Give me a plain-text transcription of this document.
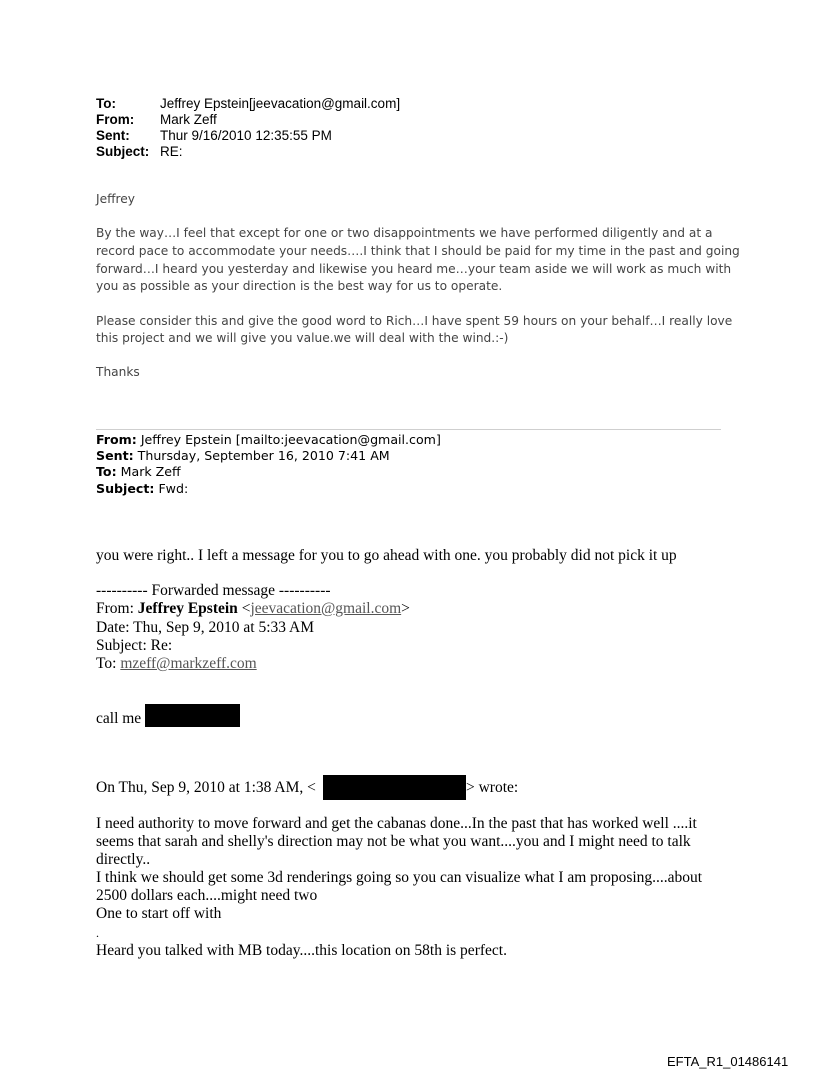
To:	Jeffrey Epstein[jeevacation@gmail.com]
From: Mark Zeff
Sent: Thur 9/16/2010 12:35:55 PM
Subject: RE:

Jeffrey

By the way…I feel that except for one or two disappointments we have performed diligently and at a

record pace to accommodate your needs….I think that I should be paid for my time in the past and going

forward…I heard you yesterday and likewise you heard me…your team aside we will work as much with

you as possible as your direction is the best way for us to operate.

Please consider this and give the good word to Rich…I have spent 59 hours on your behalf…I really love

this project and we will give you value.we will deal with the wind.:-)

Thanks

From: Jeffrey Epstein [mailto:jeevacation@gmail.com]
Sent: Thursday, September 16, 2010 7:41 AM
To: Mark Zeff
Subject: Fwd:
you were right.. I left a message for you to go ahead with one. you probably did not pick it up
---------- Forwarded message ----------
From: Jeffrey Epstein <jeevacation@gmail.com>
Date: Thu, Sep 9, 2010 at 5:33 AM
Subject: Re:
To: mzeff@markzeff.com
call me
On Thu, Sep 9, 2010 at 1:38 AM, <	> wrote:
I need authority to move forward and get the cabanas done...In the past that has worked well ....it
seems that sarah and shelly's direction may not be what you want....you and I might need to talk
directly..
I think we should get some 3d renderings going so you can visualize what I am proposing....about
2500 dollars each....might need two
One to start off with
.
Heard you talked with MB today....this location on 58th is perfect.
EFTA_R1_01486141
